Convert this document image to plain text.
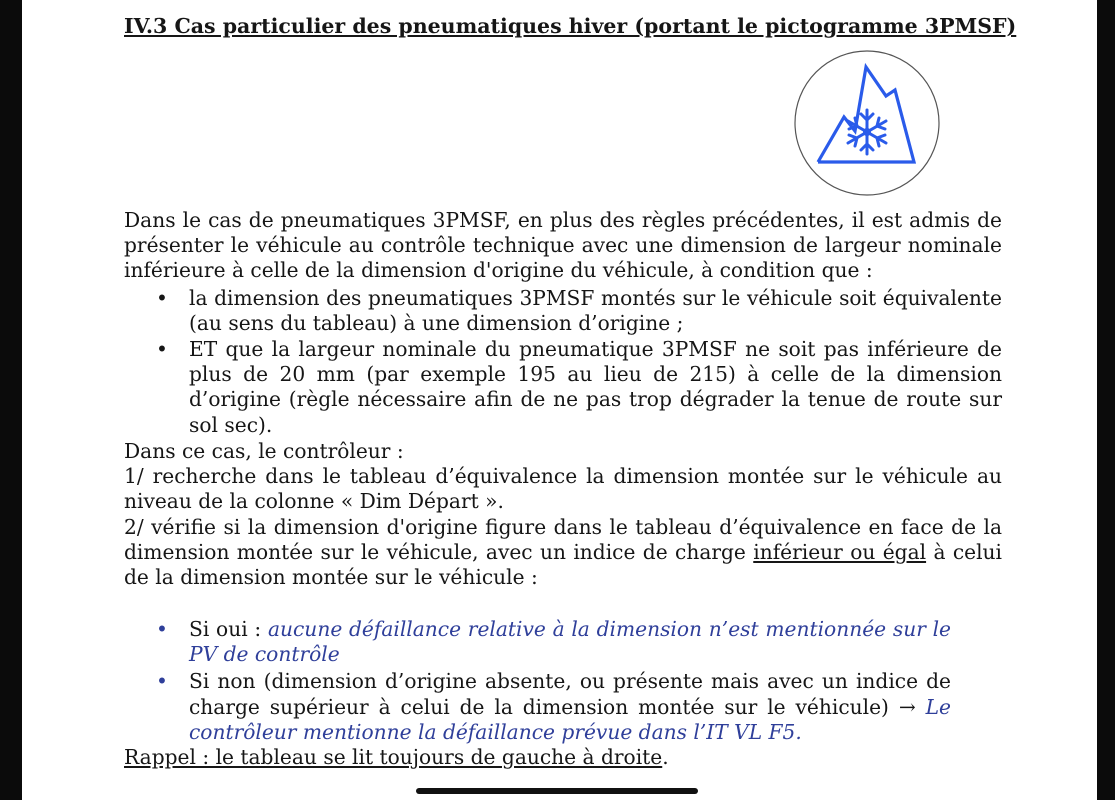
IV.3 Cas particulier des pneumatiques hiver (portant le pictogramme 3PMSF)
Dans le cas de pneumatiques 3PMSF, en plus des règles précédentes, il est admis de présenter le véhicule au contrôle technique avec une dimension de largeur nominale inférieure à celle de la dimension d'origine du véhicule, à condition que :
• la dimension des pneumatiques 3PMSF montés sur le véhicule soit équivalente (au sens du tableau) à une dimension d’origine ;
• ET que la largeur nominale du pneumatique 3PMSF ne soit pas inférieure de plus de 20 mm (par exemple 195 au lieu de 215) à celle de la dimension d’origine (règle nécessaire afin de ne pas trop dégrader la tenue de route sur sol sec).
Dans ce cas, le contrôleur :
1/ recherche dans le tableau d’équivalence la dimension montée sur le véhicule au niveau de la colonne « Dim Départ ».
2/ vérifie si la dimension d'origine figure dans le tableau d’équivalence en face de la dimension montée sur le véhicule, avec un indice de charge inférieur ou égal à celui de la dimension montée sur le véhicule :
• Si oui : aucune défaillance relative à la dimension n’est mentionnée sur le PV de contrôle
• Si non (dimension d’origine absente, ou présente mais avec un indice de charge supérieur à celui de la dimension montée sur le véhicule) → Le contrôleur mentionne la défaillance prévue dans l’IT VL F5.
Rappel : le tableau se lit toujours de gauche à droite.
